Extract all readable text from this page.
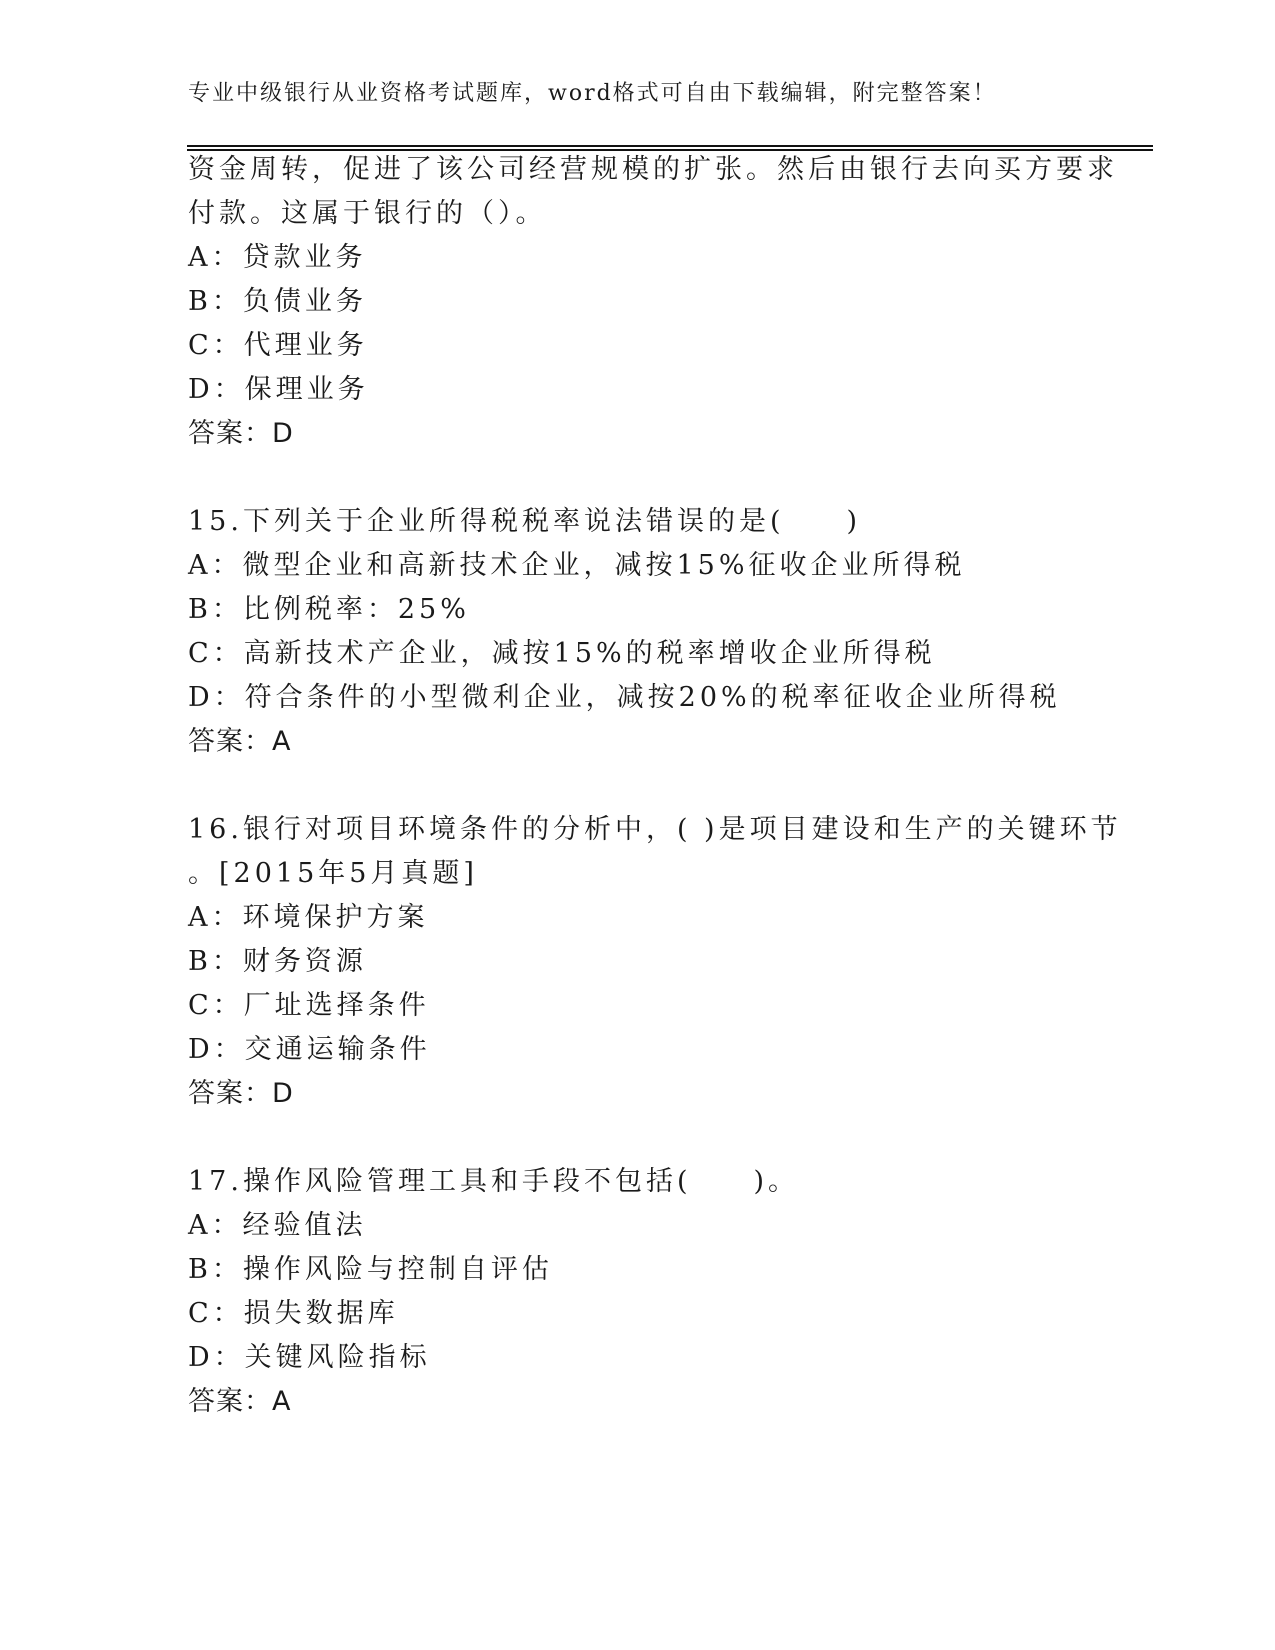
专业中级银行从业资格考试题库，word格式可自由下载编辑，附完整答案！
资金周转，促进了该公司经营规模的扩张。然后由银行去向买方要求
付款。这属于银行的（）。
A：贷款业务
B：负债业务
C：代理业务
D：保理业务
答案：D
15.下列关于企业所得税税率说法错误的是(　　)
A：微型企业和高新技术企业，减按15%征收企业所得税
B：比例税率：25%
C：高新技术产企业，减按15%的税率增收企业所得税
D：符合条件的小型微利企业，减按20%的税率征收企业所得税
答案：A
16.银行对项目环境条件的分析中，( )是项目建设和生产的关键环节
。[2015年5月真题]
A：环境保护方案
B：财务资源
C：厂址选择条件
D：交通运输条件
答案：D
17.操作风险管理工具和手段不包括(　　)。
A：经验值法
B：操作风险与控制自评估
C：损失数据库
D：关键风险指标
答案：A
